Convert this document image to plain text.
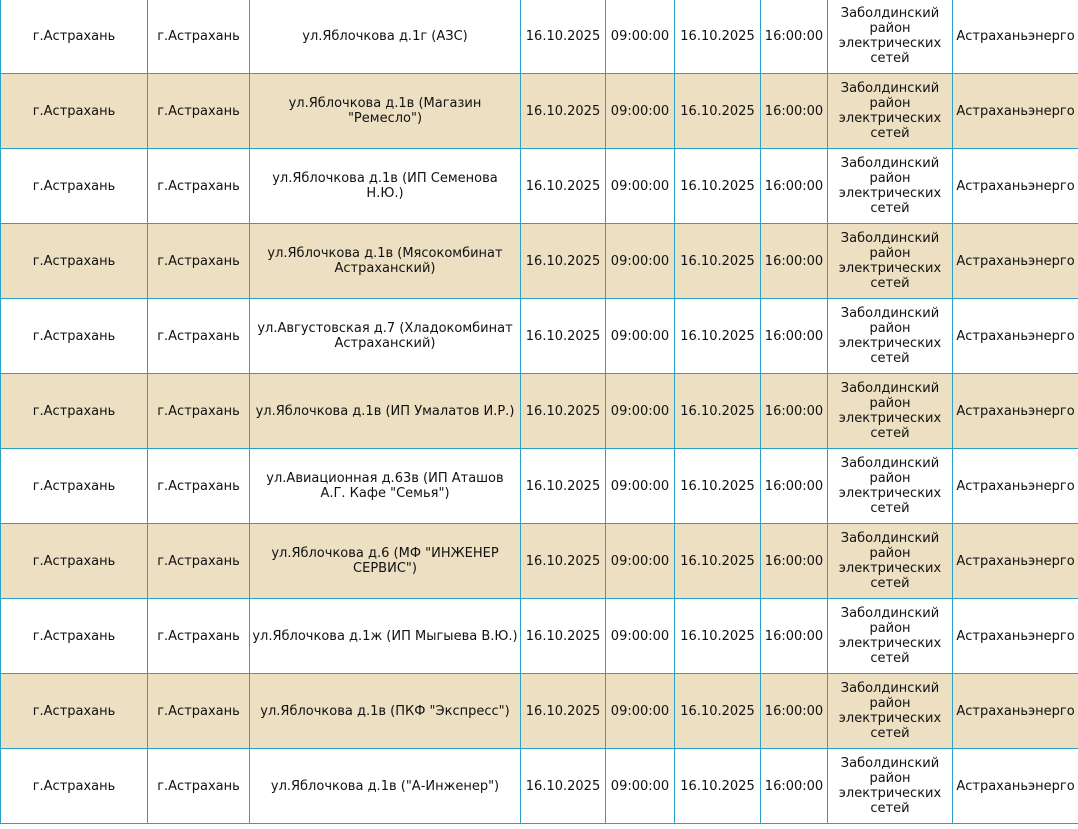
г.Астрахань	г.Астрахань	ул.Яблочкова д.1г (АЗС)	16.10.2025	09:00:00	16.10.2025	16:00:00	Заболдинский район электрических сетей	Астраханьэнерго
г.Астрахань	г.Астрахань	ул.Яблочкова д.1в (Магазин "Ремесло")	16.10.2025	09:00:00	16.10.2025	16:00:00	Заболдинский район электрических сетей	Астраханьэнерго
г.Астрахань	г.Астрахань	ул.Яблочкова д.1в (ИП Семенова Н.Ю.)	16.10.2025	09:00:00	16.10.2025	16:00:00	Заболдинский район электрических сетей	Астраханьэнерго
г.Астрахань	г.Астрахань	ул.Яблочкова д.1в (Мясокомбинат Астраханский)	16.10.2025	09:00:00	16.10.2025	16:00:00	Заболдинский район электрических сетей	Астраханьэнерго
г.Астрахань	г.Астрахань	ул.Августовская д.7 (Хладокомбинат Астраханский)	16.10.2025	09:00:00	16.10.2025	16:00:00	Заболдинский район электрических сетей	Астраханьэнерго
г.Астрахань	г.Астрахань	ул.Яблочкова д.1в (ИП Умалатов И.Р.)	16.10.2025	09:00:00	16.10.2025	16:00:00	Заболдинский район электрических сетей	Астраханьэнерго
г.Астрахань	г.Астрахань	ул.Авиационная д.63в (ИП Аташов А.Г. Кафе "Семья")	16.10.2025	09:00:00	16.10.2025	16:00:00	Заболдинский район электрических сетей	Астраханьэнерго
г.Астрахань	г.Астрахань	ул.Яблочкова д.6 (МФ "ИНЖЕНЕР СЕРВИС")	16.10.2025	09:00:00	16.10.2025	16:00:00	Заболдинский район электрических сетей	Астраханьэнерго
г.Астрахань	г.Астрахань	ул.Яблочкова д.1ж (ИП Мыгыева В.Ю.)	16.10.2025	09:00:00	16.10.2025	16:00:00	Заболдинский район электрических сетей	Астраханьэнерго
г.Астрахань	г.Астрахань	ул.Яблочкова д.1в (ПКФ "Экспресс")	16.10.2025	09:00:00	16.10.2025	16:00:00	Заболдинский район электрических сетей	Астраханьэнерго
г.Астрахань	г.Астрахань	ул.Яблочкова д.1в ("А-Инженер")	16.10.2025	09:00:00	16.10.2025	16:00:00	Заболдинский район электрических сетей	Астраханьэнерго
